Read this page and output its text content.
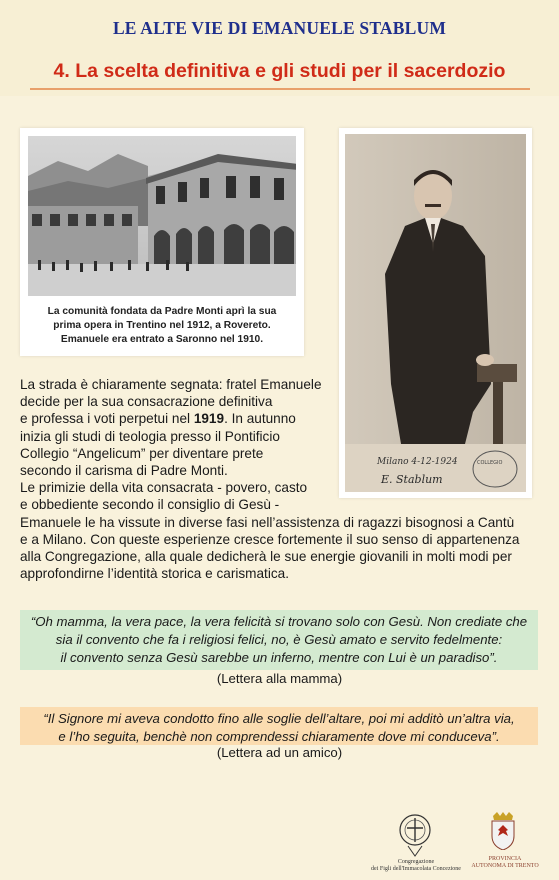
LE ALTE VIE DI EMANUELE STABLUM
4. La scelta definitiva e gli studi per il sacerdozio
La comunità fondata da Padre Monti aprì la sua
prima opera in Trentino nel 1912, a Rovereto.
Emanuele era entrato a Saronno nel 1910.
Milano 4-12-1924
E. Stablum
COLLEGIO
La strada è chiaramente segnata: fratel Emanuele
decide per la sua consacrazione definitiva
e professa i voti perpetui nel 1919. In autunno
inizia gli studi di teologia presso il Pontificio
Collegio “Angelicum” per diventare prete
secondo il carisma di Padre Monti.
Le primizie della vita consacrata - povero, casto
e obbediente secondo il consiglio di Gesù -
Emanuele le ha vissute in diverse fasi nell’assistenza di ragazzi bisognosi a Cantù
e a Milano. Con queste esperienze cresce fortemente il suo senso di appartenenza
alla Congregazione, alla quale dedicherà le sue energie giovanili in molti modi per
approfondirne l’identità storica e carismatica.
“Oh mamma, la vera pace, la vera felicità si trovano solo con Gesù. Non crediate che
sia il convento che fa i religiosi felici, no, è Gesù amato e servito fedelmente:
il convento senza Gesù sarebbe un inferno, mentre con Lui è un paradiso”.
(Lettera alla mamma)
“Il Signore mi aveva condotto fino alle soglie dell’altare, poi mi additò un’altra via,
e l’ho seguita, benchè non comprendessi chiaramente dove mi conduceva”.
(Lettera ad un amico)
Congregazione
dei Figli dell'Immacolata Concezione
PROVINCIA
AUTONOMA DI TRENTO
